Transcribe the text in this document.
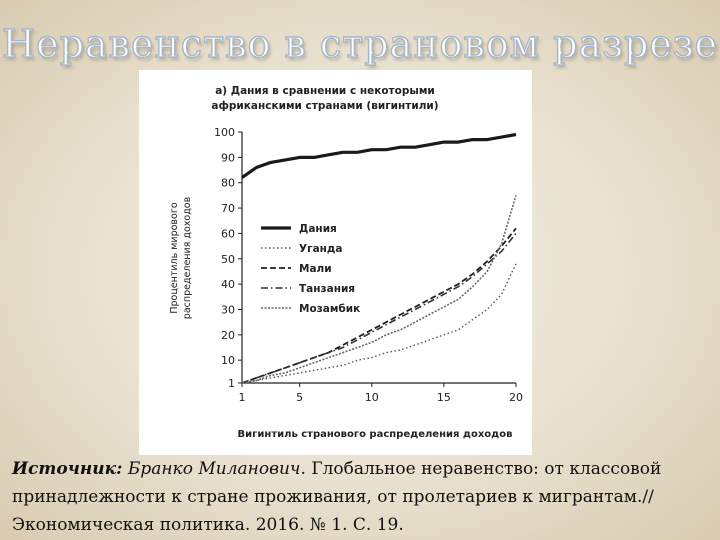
Неравенство в страновом разрезе
а) Дания в сравнении с некоторыми
африканскими странами (вигинтили)
Процентиль мирового распределения доходов
Вигинтиль странового распределения доходов
1
10
20
30
40
50
60
70
80
90
100
1	5	10	15	20
Дания
Уганда
Мали
Танзания
Мозамбик
Источник: Бранко Миланович. Глобальное неравенство: от классовой принадлежности к стране проживания, от пролетариев к мигрантам.// Экономическая политика. 2016. № 1. С. 19.
